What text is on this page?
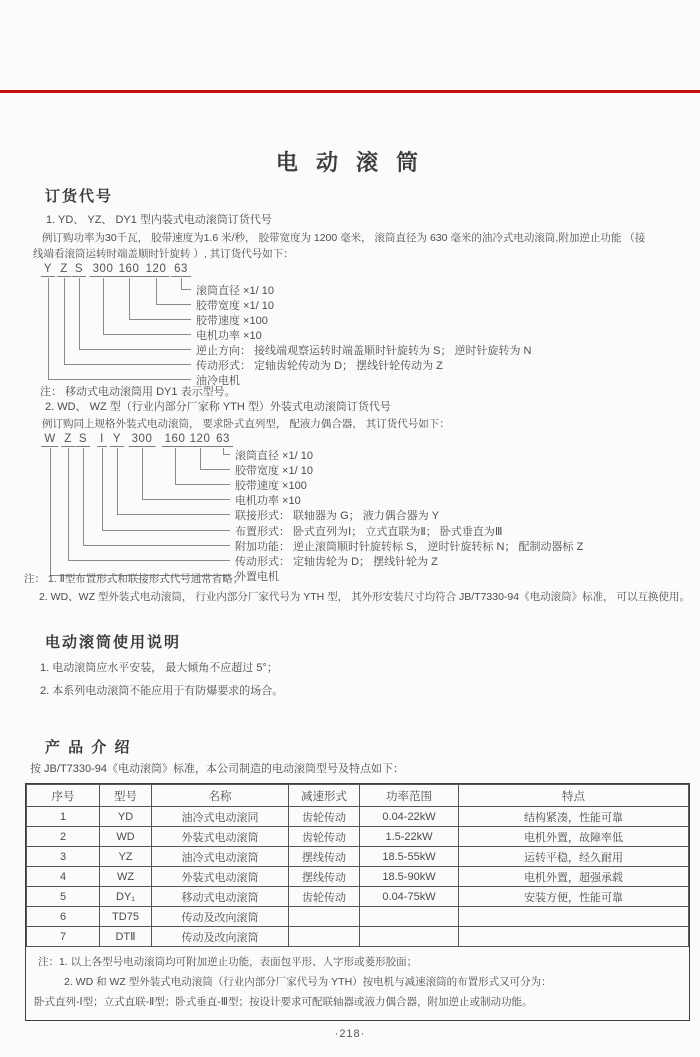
电 动 滚 筒
订货代号
1. YD、 YZ、 DY1 型内装式电动滚筒订货代号
例订购功率为30千瓦， 胶带速度为1.6 米/秒， 胶带宽度为 1200 毫米， 滚筒直径为 630 毫米的油冷式电动滚筒,附加逆止功能 （接
线端看滚筒运转时端盖顺时针旋转 ）, 其订货代号如下：
Y Z S 300 160 120 63
滚筒直径 ×1/ 10
胶带宽度 ×1/ 10
胶带速度 ×100
电机功率 ×10
逆止方向： 接线端观察运转时端盖顺时针旋转为 S； 逆时针旋转为 N
传动形式： 定轴齿轮传动为 D； 摆线针轮传动为 Z
油冷电机
注： 移动式电动滚筒用 DY1 表示型号。
2. WD、 WZ 型（行业内部分厂家称 YTH 型）外装式电动滚筒订货代号
例订购同上规格外装式电动滚筒， 要求卧式直列型， 配液力偶合器， 其订货代号如下：
W Z S I Y 300 160 120 63
滚筒直径 ×1/ 10
胶带宽度 ×1/ 10
胶带速度 ×100
电机功率 ×10
联接形式： 联轴器为 G； 液力偶合器为 Y
布置形式： 卧式直列为Ⅰ； 立式直联为Ⅱ； 卧式垂直为Ⅲ
附加功能： 逆止滚筒顺时针旋转标 S， 逆时针旋转标 N； 配制动器标 Z
传动形式： 定轴齿轮为 D； 摆线针轮为 Z
外置电机
注： 1. Ⅱ型布置形式和联接形式代号通常省略；
2. WD、WZ 型外装式电动滚筒， 行业内部分厂家代号为 YTH 型， 其外形安装尺寸均符合 JB/T7330-94《电动滚筒》标准， 可以互换使用。
电动滚筒使用说明
1. 电动滚筒应水平安装， 最大倾角不应超过 5°；
2. 本系列电动滚筒不能应用于有防爆要求的场合。
产 品 介 绍
按 JB/T7330-94《电动滚筒》标准，本公司制造的电动滚筒型号及特点如下：
序号	型号	名称	减速形式	功率范围	特点
1	YD	油冷式电动滚同	齿轮传动	0.04-22kW	结构紧凑，性能可靠
2	WD	外装式电动滚筒	齿轮传动	1.5-22kW	电机外置，故障率低
3	YZ	油冷式电动滚筒	摆线传动	18.5-55kW	运转平稳，经久耐用
4	WZ	外装式电动滚筒	摆线传动	18.5-90kW	电机外置，超强承载
5	DY₁	移动式电动滚筒	齿轮传动	0.04-75kW	安装方便，性能可靠
6	TD75	传动及改向滚筒			
7	DTⅡ	传动及改向滚筒			
注：1. 以上各型号电动滚筒均可附加逆止功能，表面包平形、人字形或菱形胶面；
2. WD 和 WZ 型外装式电动滚筒（行业内部分厂家代号为 YTH）按电机与减速滚筒的布置形式又可分为：
卧式直列-Ⅰ型；立式直联-Ⅱ型；卧式垂直-Ⅲ型；按设计要求可配联轴器或液力偶合器，附加逆止或制动功能。
·218·
